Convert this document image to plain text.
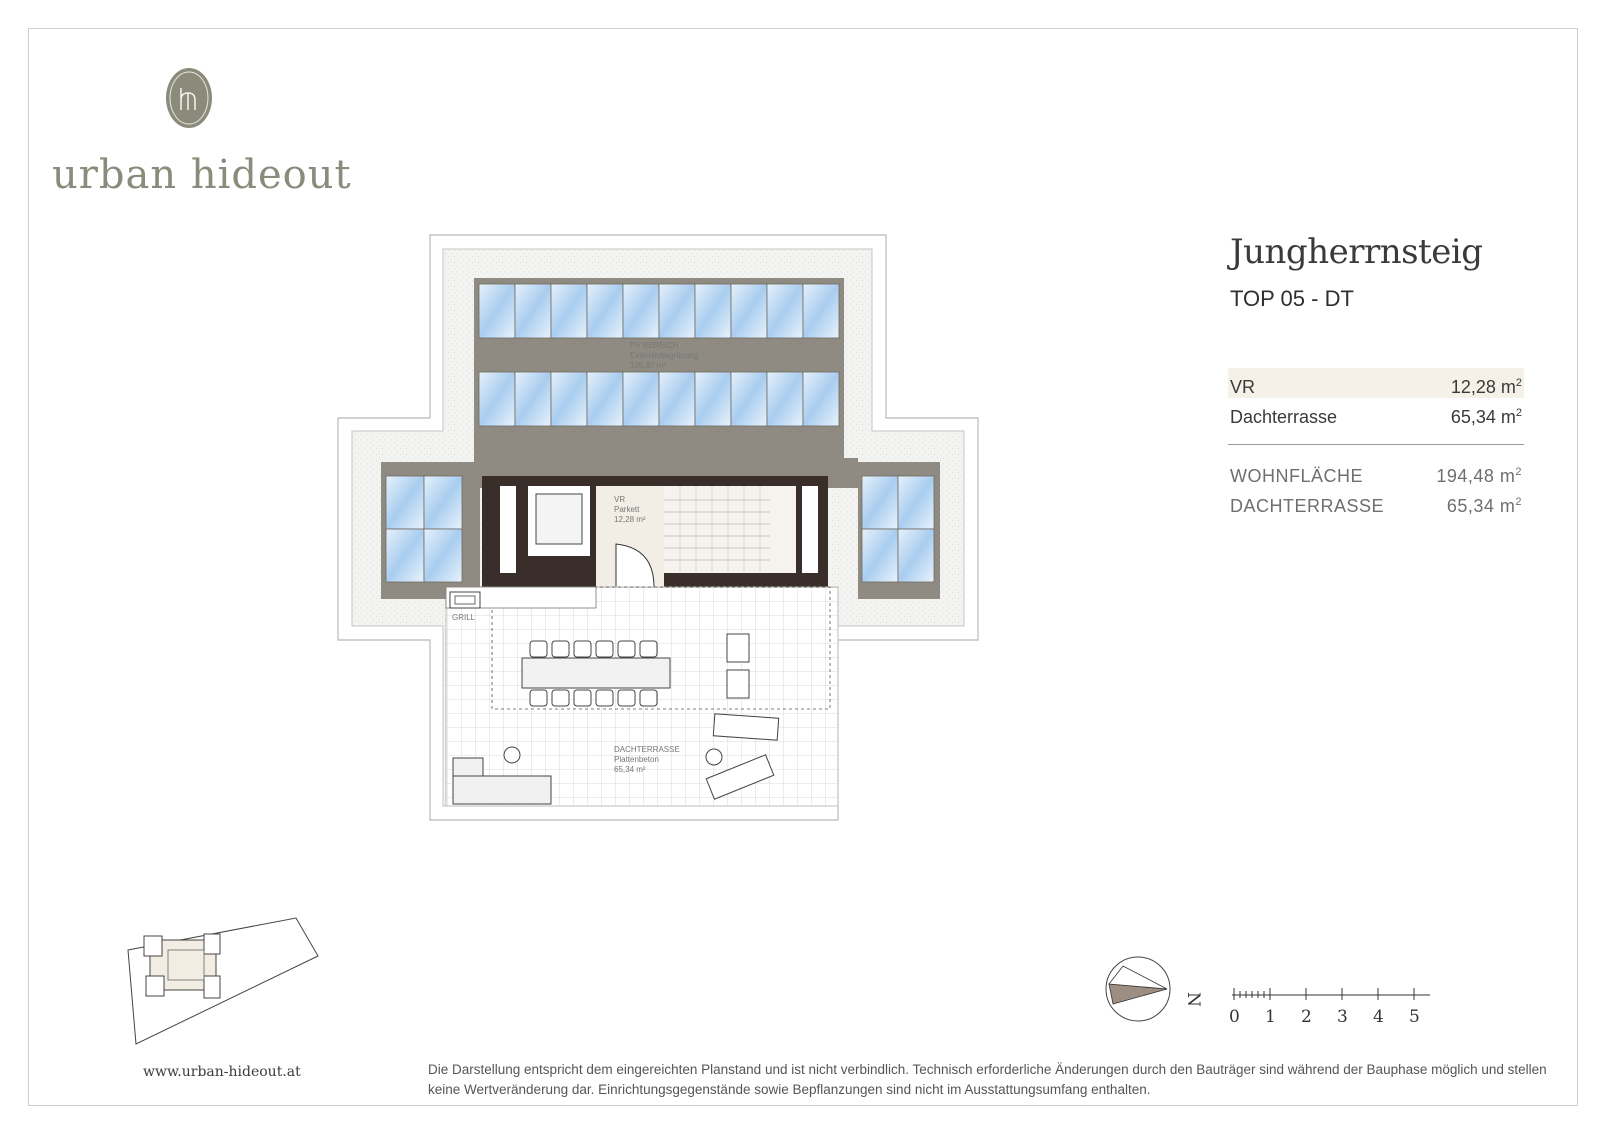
urban hideout
Jungherrnsteig
TOP 05 - DT
VR	12,28 $m^2$
Dachterrasse	65,34 $m^2$
WOHNFLÄCHE	194,48 $m^2$
DACHTERRASSE	65,34 $m^2$
PV BEREICH
Extensivbegrünung
105,97 m²
VR
Parkett
12,28 m²
GRILL
DACHTERRASSE
Plattenbeton
65,34 m²
N
0 1 2 3 4 5
www.urban-hideout.at	Die Darstellung entspricht dem eingereichten Planstand und ist nicht verbindlich. Technisch erforderliche Änderungen durch den Bauträger sind während der Bauphase möglich und stellen keine Wertveränderung dar. Einrichtungsgegenstände sowie Bepflanzungen sind nicht im Ausstattungsumfang enthalten.
